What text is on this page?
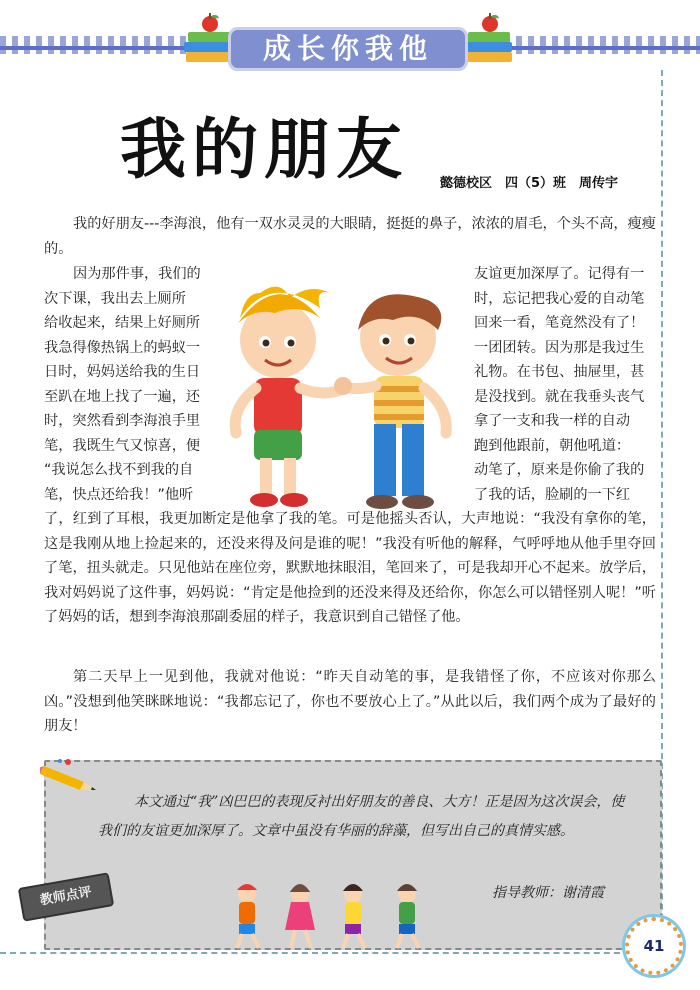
成长你我他
我的朋友 懿德校区　四（5）班　周传宇
我的好朋友---李海浪，他有一双水灵灵的大眼睛，挺挺的鼻子，浓浓的眉毛，个头不高，瘦瘦的。
因为那件事，我们的
次下课，我出去上厕所
给收起来，结果上好厕所
我急得像热锅上的蚂蚁一
日时，妈妈送给我的生日
至趴在地上找了一遍，还
时，突然看到李海浪手里
笔，我既生气又惊喜，便
“我说怎么找不到我的自
笔，快点还给我！”他听
友谊更加深厚了。记得有一
时，忘记把我心爱的自动笔
回来一看，笔竟然没有了！
一团团转。因为那是我过生
礼物。在书包、抽屉里，甚
是没找到。就在我垂头丧气
拿了一支和我一样的自动
跑到他跟前，朝他吼道：
动笔了，原来是你偷了我的
了我的话，脸刷的一下红
了，红到了耳根，我更加断定是他拿了我的笔。可是他摇头否认，大声地说：“我没有拿你的笔，这是我刚从地上捡起来的，还没来得及问是谁的呢！”我没有听他的解释，气呼呼地从他手里夺回了笔，扭头就走。只见他站在座位旁，默默地抹眼泪，笔回来了，可是我却开心不起来。放学后，我对妈妈说了这件事，妈妈说：“肯定是他捡到的还没来得及还给你，你怎么可以错怪别人呢！”听了妈妈的话，想到李海浪那副委屈的样子，我意识到自己错怪了他。
第二天早上一见到他，我就对他说：“昨天自动笔的事，是我错怪了你，不应该对你那么凶。”没想到他笑眯眯地说：“我都忘记了，你也不要放心上了。”从此以后，我们两个成为了最好的朋友！
本文通过“我”凶巴巴的表现反衬出好朋友的善良、大方！正是因为这次误会，使我们的友谊更加深厚了。文章中虽没有华丽的辞藻，但写出自己的真情实感。
指导教师：谢清霞
教师点评
41
